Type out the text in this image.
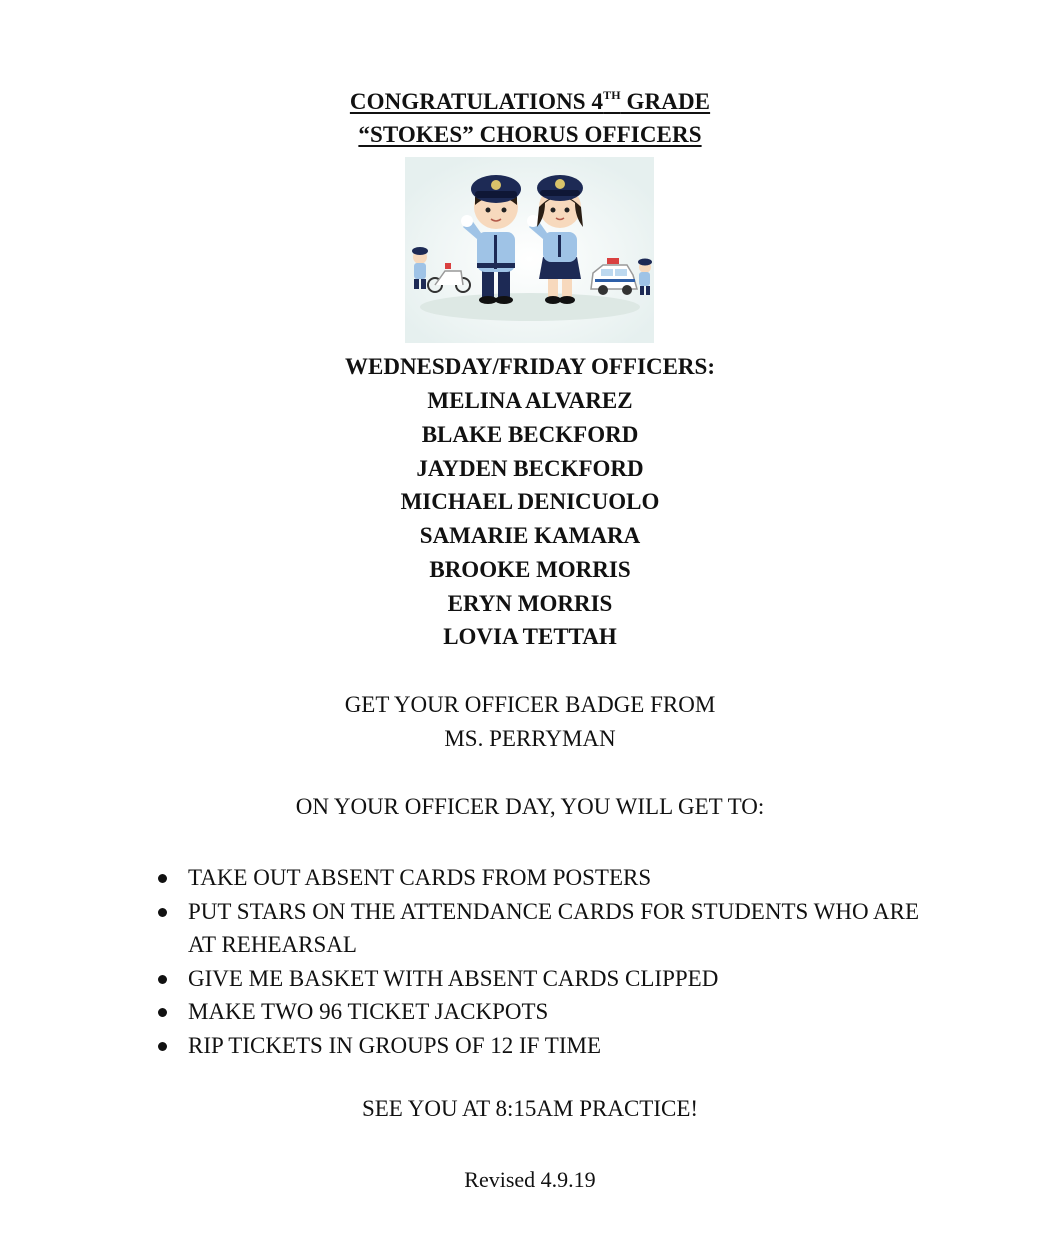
CONGRATULATIONS 4TH GRADE
“STOKES” CHORUS OFFICERS
WEDNESDAY/FRIDAY OFFICERS:
MELINA ALVAREZ
BLAKE BECKFORD
JAYDEN BECKFORD
MICHAEL DENICUOLO
SAMARIE KAMARA
BROOKE MORRIS
ERYN MORRIS
LOVIA TETTAH
GET YOUR OFFICER BADGE FROM
MS. PERRYMAN
ON YOUR OFFICER DAY, YOU WILL GET TO:
TAKE OUT ABSENT CARDS FROM POSTERS
PUT STARS ON THE ATTENDANCE CARDS FOR STUDENTS WHO ARE AT REHEARSAL
GIVE ME BASKET WITH ABSENT CARDS CLIPPED
MAKE TWO 96 TICKET JACKPOTS
RIP TICKETS IN GROUPS OF 12 IF TIME
SEE YOU AT 8:15AM PRACTICE!
Revised 4.9.19
